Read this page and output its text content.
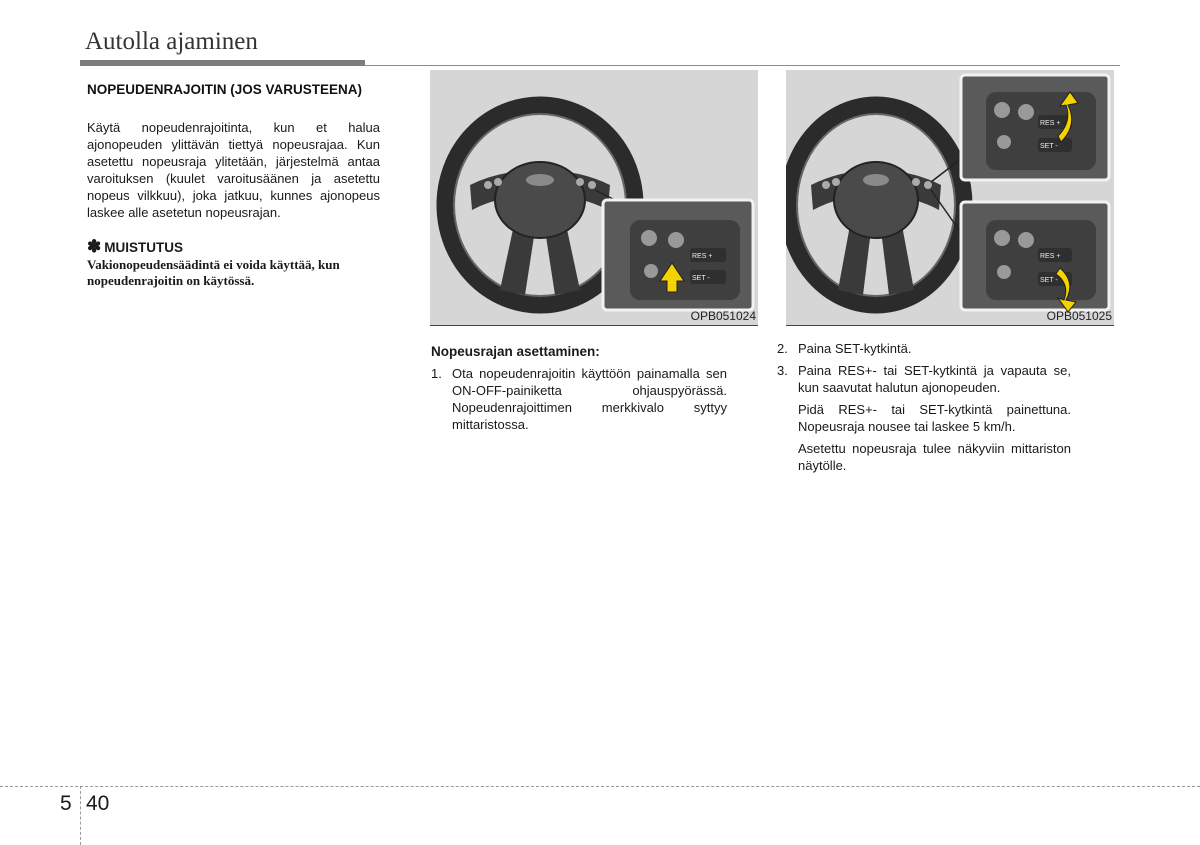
Autolla ajaminen
NOPEUDENRAJOITIN (JOS VARUSTEENA)
Käytä nopeudenrajoitinta, kun et halua ajonopeuden ylittävän tiettyä nopeusrajaa. Kun asetettu nopeusraja ylitetään, järjestelmä antaa varoituksen (kuulet varoitusäänen ja asetettu nopeus vilkkuu), joka jatkuu, kunnes ajonopeus laskee alle asetetun nopeusrajan.
✽ MUISTUTUS
Vakionopeudensäädintä ei voida käyttää, kun nopeudenrajoitin on käytössä.
RES +
SET -
OPB051024
RES +
SET -
RES +
SET -
OPB051025
Nopeusrajan asettaminen:
1. Ota nopeudenrajoitin käyttöön painamalla sen ON-OFF-painiketta ohjauspyörässä. Nopeudenrajoittimen merkkivalo syttyy mittaristossa.
2. Paina SET-kytkintä.
3. Paina RES+- tai SET-kytkintä ja vapauta se, kun saavutat halutun ajonopeuden.
Pidä RES+- tai SET-kytkintä painettuna. Nopeusraja nousee tai laskee 5 km/h.
Asetettu nopeusraja tulee näkyviin mittariston näytölle.
5 40
